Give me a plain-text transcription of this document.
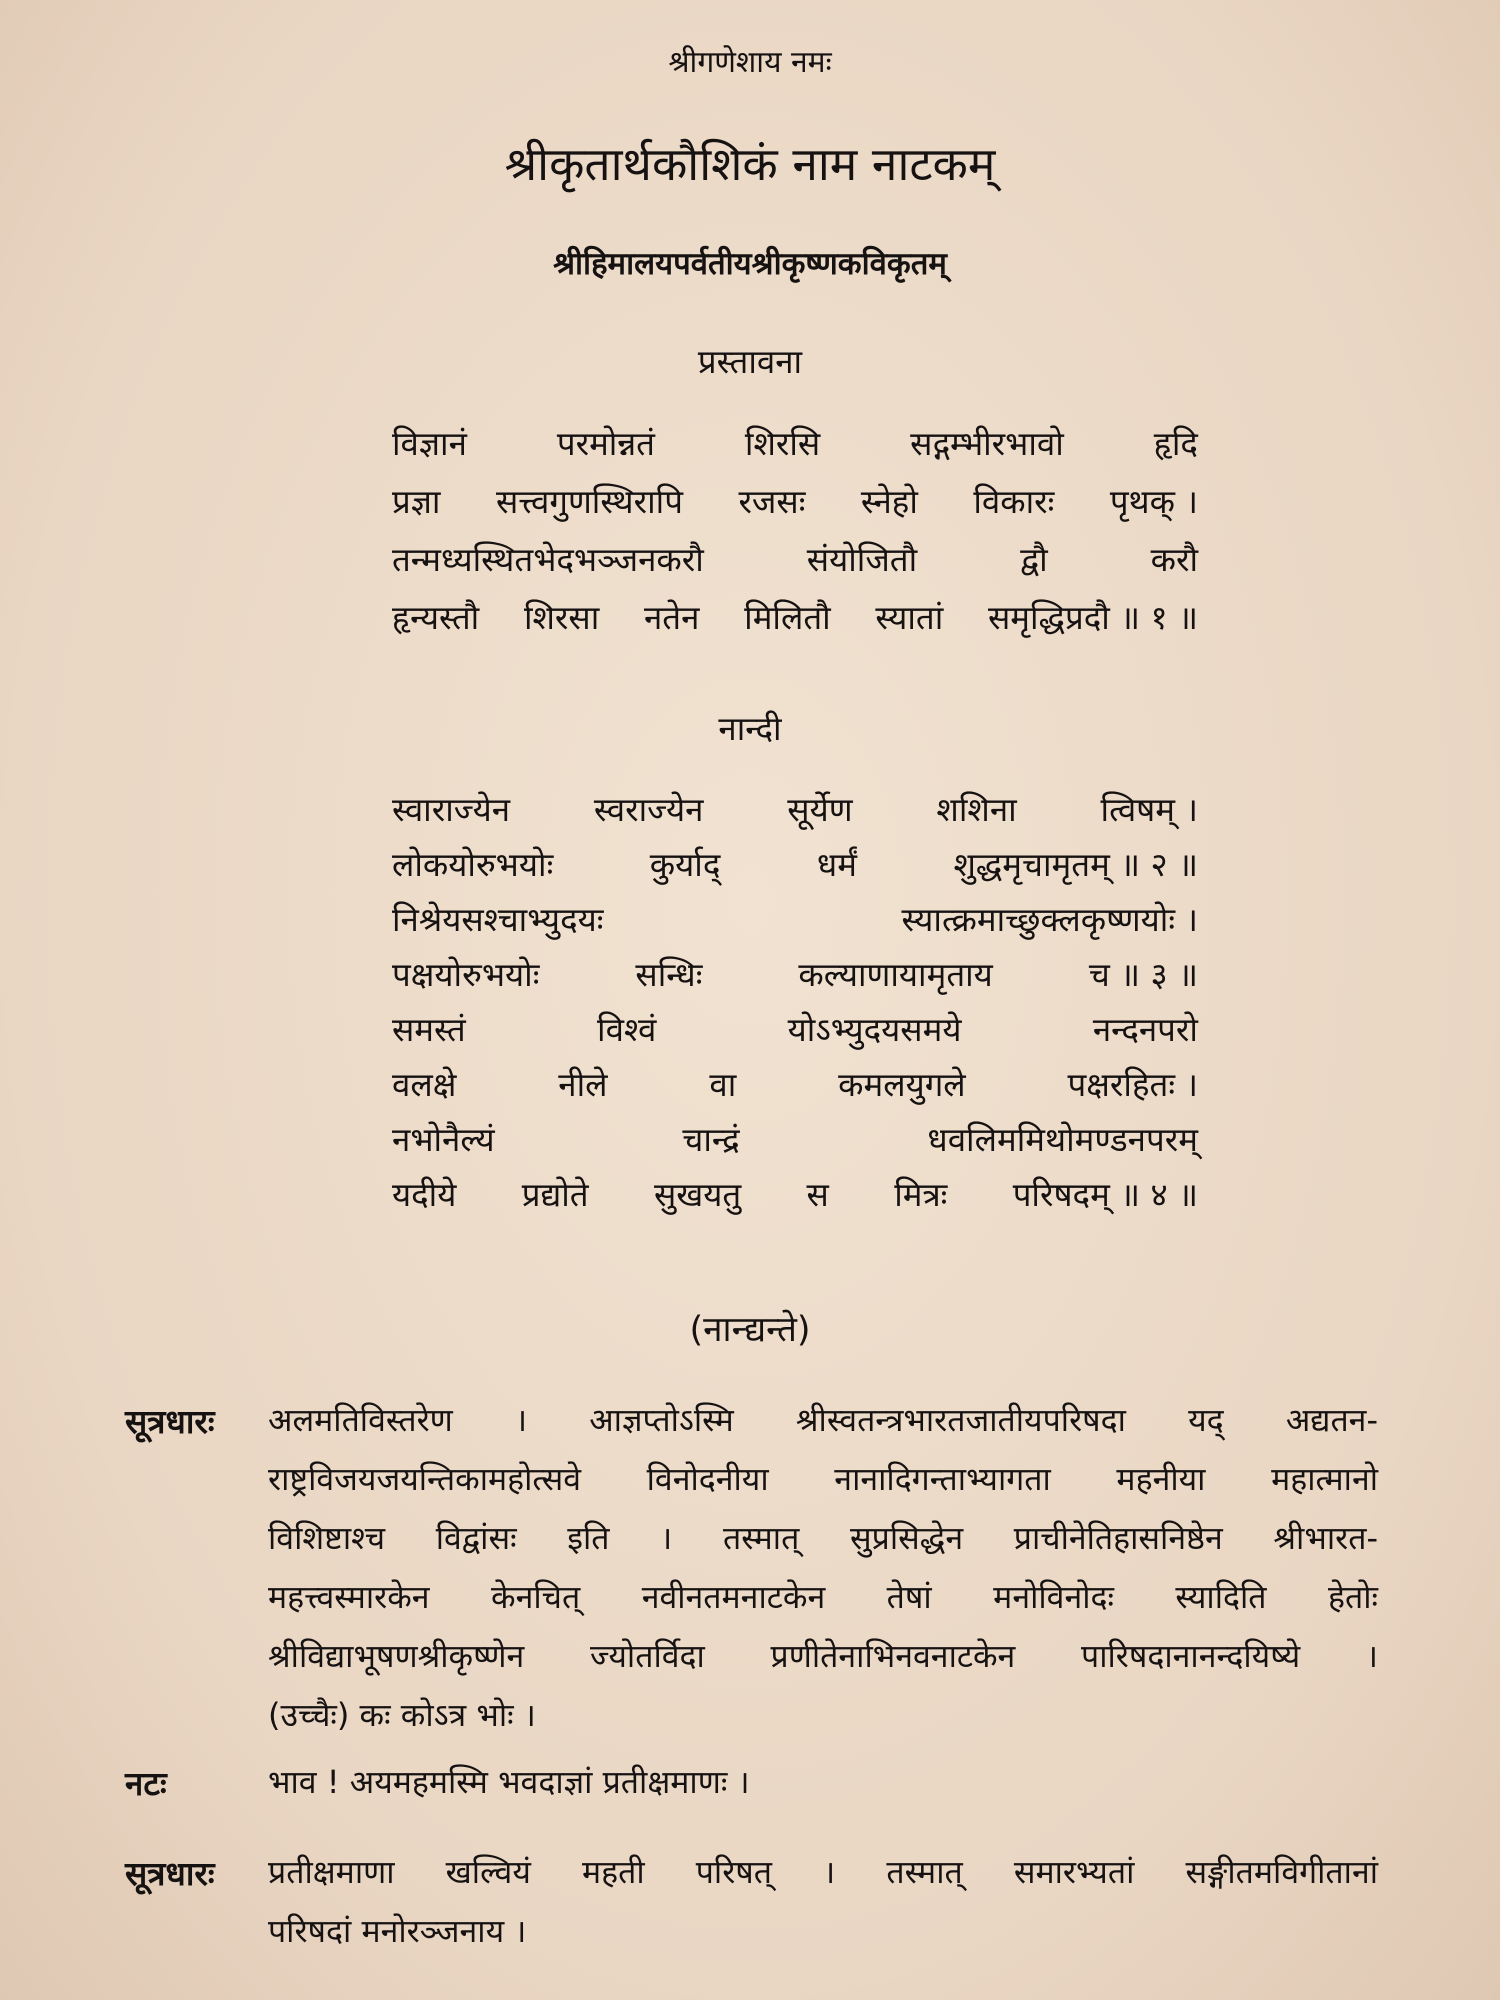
श्रीगणेशाय नमः
श्रीकृतार्थकौशिकं नाम नाटकम्
श्रीहिमालयपर्वतीयश्रीकृष्णकविकृतम्
प्रस्तावना
विज्ञानं	परमोन्नतं	शिरसि	सद्गम्भीरभावो	हृदि
प्रज्ञा सत्त्वगुणस्थिरापि रजसः स्नेहो विकारः पृथक् ।
तन्मध्यस्थितभेदभञ्जनकरौ	संयोजितौ	द्वौ	करौ
हृन्यस्तौ शिरसा नतेन मिलितौ स्यातां समृद्धिप्रदौ ॥ १ ॥
नान्दी
स्वाराज्येन	स्वराज्येन	सूर्येण	शशिना	त्विषम् ।
लोकयोरुभयोः	कुर्याद्	धर्मं	शुद्धमृचामृतम् ॥ २ ॥
निश्रेयसश्चाभ्युदयः	स्यात्क्रमाच्छुक्लकृष्णयोः ।
पक्षयोरुभयोः	सन्धिः	कल्याणायामृताय	च ॥ ३ ॥
समस्तं	विश्वं	योऽभ्युदयसमये	नन्दनपरो
वलक्षे	नीले	वा	कमलयुगले	पक्षरहितः ।
नभोनैल्यं	चान्द्रं	धवलिममिथोमण्डनपरम्
यदीये प्रद्योते सुखयतु स मित्रः परिषदम् ॥ ४ ॥
(नान्द्यन्ते)
सूत्रधारः अलमतिविस्तरेण । आज्ञप्तोऽस्मि श्रीस्वतन्त्रभारतजातीयपरिषदा यद् अद्यतन-
राष्ट्रविजयजयन्तिकामहोत्सवे विनोदनीया नानादिगन्ताभ्यागता महनीया महात्मानो
विशिष्टाश्च विद्वांसः इति । तस्मात् सुप्रसिद्धेन प्राचीनेतिहासनिष्ठेन श्रीभारत-
महत्त्वस्मारकेन केनचित् नवीनतमनाटकेन तेषां मनोविनोदः स्यादिति हेतोः
श्रीविद्याभूषणश्रीकृष्णेन ज्योतर्विदा प्रणीतेनाभिनवनाटकेन पारिषदानानन्दयिष्ये ।
(उच्चैः) कः कोऽत्र भोः ।
नटः	भाव ! अयमहमस्मि भवदाज्ञां प्रतीक्षमाणः ।
सूत्रधारः प्रतीक्षमाणा खल्वियं महती परिषत् । तस्मात् समारभ्यतां सङ्गीतमविगीतानां
परिषदां मनोरञ्जनाय ।
